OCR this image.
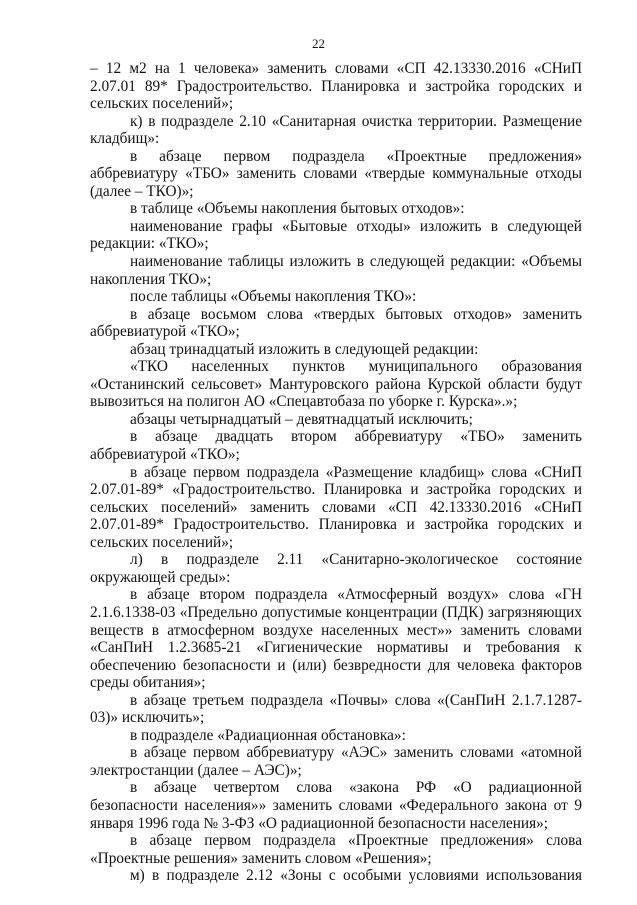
22

– 12 м2 на 1 человека» заменить словами «СП 42.13330.2016 «СНиП 2.07.01 89* Градостроительство. Планировка и застройка городских и сельских поселений»;

к) в подразделе 2.10 «Санитарная очистка территории. Размещение кладбищ»:

в абзаце первом подраздела «Проектные предложения» аббревиатуру «ТБО» заменить словами «твердые коммунальные отходы (далее – ТКО)»;

в таблице «Объемы накопления бытовых отходов»:

наименование графы «Бытовые отходы» изложить в следующей редакции: «ТКО»;

наименование таблицы изложить в следующей редакции: «Объемы накопления ТКО»;

после таблицы «Объемы накопления ТКО»:

в абзаце восьмом слова «твердых бытовых отходов» заменить аббревиатурой «ТКО»;

абзац тринадцатый изложить в следующей редакции:

«ТКО населенных пунктов муниципального образования «Останинский сельсовет» Мантуровского района Курской области будут вывозиться на полигон АО «Спецавтобаза по уборке г. Курска».»;

абзацы четырнадцатый – девятнадцатый исключить;

в абзаце двадцать втором аббревиатуру «ТБО» заменить аббревиатурой «ТКО»;

в абзаце первом подраздела «Размещение кладбищ» слова «СНиП 2.07.01-89* «Градостроительство. Планировка и застройка городских и сельских поселений» заменить словами «СП 42.13330.2016 «СНиП 2.07.01-89* Градостроительство. Планировка и застройка городских и сельских поселений»;

л) в подразделе 2.11 «Санитарно-экологическое состояние окружающей среды»:

в абзаце втором подраздела «Атмосферный воздух» слова «ГН 2.1.6.1338-03 «Предельно допустимые концентрации (ПДК) загрязняющих веществ в атмосферном воздухе населенных мест»» заменить словами «СанПиН 1.2.3685-21 «Гигиенические нормативы и требования к обеспечению безопасности и (или) безвредности для человека факторов среды обитания»;

в абзаце третьем подраздела «Почвы» слова «(СанПиН 2.1.7.1287-03)» исключить»;

в подразделе «Радиационная обстановка»:

в абзаце первом аббревиатуру «АЭС» заменить словами «атомной электростанции (далее – АЭС)»;

в абзаце четвертом слова «закона РФ «О радиационной безопасности населения»» заменить словами «Федерального закона от 9 января 1996 года № 3-ФЗ «О радиационной безопасности населения»;

в абзаце первом подраздела «Проектные предложения» слова «Проектные решения» заменить словом «Решения»;

м) в подразделе 2.12 «Зоны с особыми условиями использования
